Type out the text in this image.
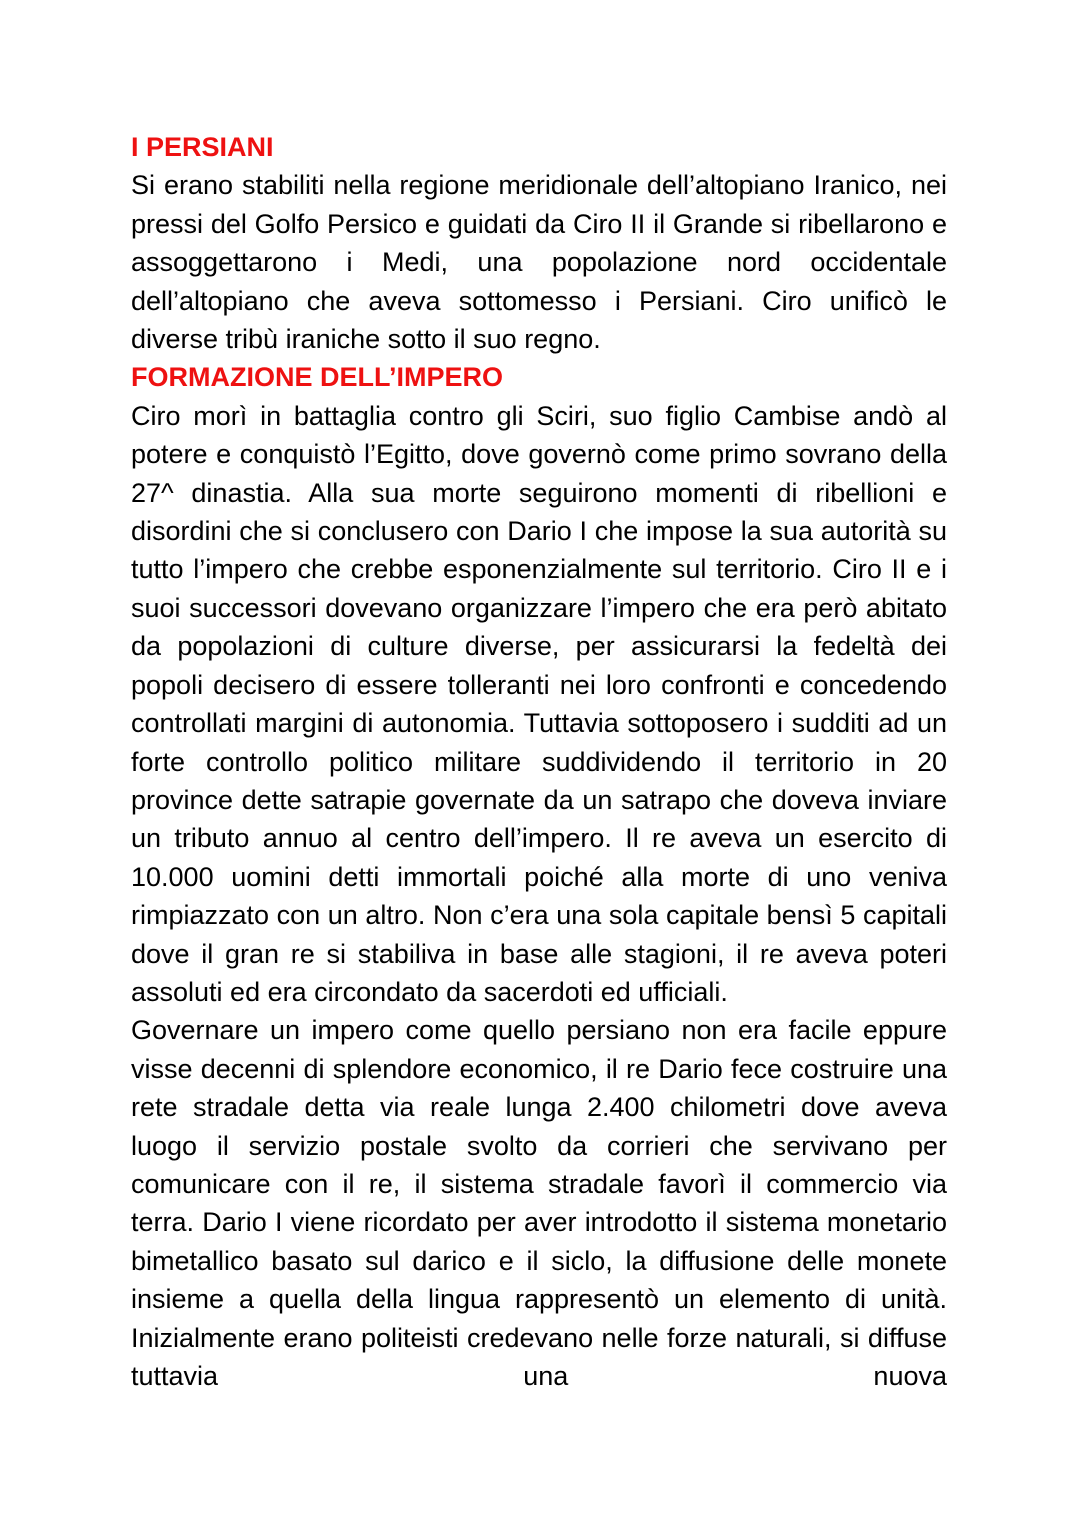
I PERSIANI

Si erano stabiliti nella regione meridionale dell’altopiano Iranico, nei pressi del Golfo Persico e guidati da Ciro II il Grande si ribellarono e assoggettarono i Medi, una popolazione nord occidentale dell’altopiano che aveva sottomesso i Persiani. Ciro unificò le diverse tribù iraniche sotto il suo regno.

FORMAZIONE DELL’IMPERO

Ciro morì in battaglia contro gli Sciri, suo figlio Cambise andò al potere e conquistò l’Egitto, dove governò come primo sovrano della 27^ dinastia. Alla sua morte seguirono momenti di ribellioni e disordini che si conclusero con Dario I che impose la sua autorità su tutto l’impero che crebbe esponenzialmente sul territorio. Ciro II e i suoi successori dovevano organizzare l’impero che era però abitato da popolazioni di culture diverse, per assicurarsi la fedeltà dei popoli decisero di essere tolleranti nei loro confronti e concedendo controllati margini di autonomia. Tuttavia sottoposero i sudditi ad un forte controllo politico militare suddividendo il territorio in 20 province dette satrapie governate da un satrapo che doveva inviare un tributo annuo al centro dell’impero. Il re aveva un esercito di 10.000 uomini detti immortali poiché alla morte di uno veniva rimpiazzato con un altro. Non c’era una sola capitale bensì 5 capitali dove il gran re si stabiliva in base alle stagioni, il re aveva poteri assoluti ed era circondato da sacerdoti ed ufficiali.

Governare un impero come quello persiano non era facile eppure visse decenni di splendore economico, il re Dario fece costruire una rete stradale detta via reale lunga 2.400 chilometri dove aveva luogo il servizio postale svolto da corrieri che servivano per comunicare con il re, il sistema stradale favorì il commercio via terra. Dario I viene ricordato per aver introdotto il sistema monetario bimetallico basato sul darico e il siclo, la diffusione delle monete insieme a quella della lingua rappresentò un elemento di unità. Inizialmente erano politeisti credevano nelle forze naturali, si diffuse tuttavia una nuova
